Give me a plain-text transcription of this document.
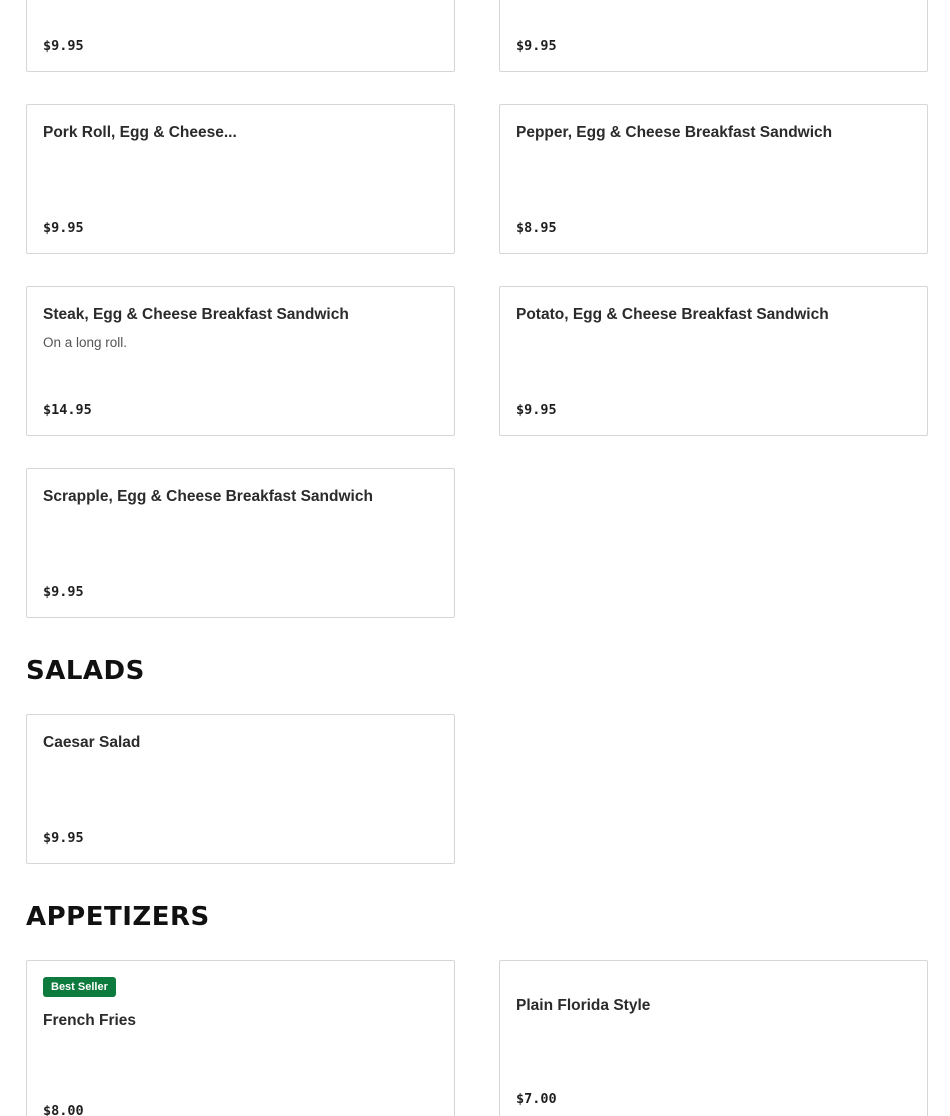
$9.95	$9.95
Pork Roll, Egg & Cheese...
$9.95
Pepper, Egg & Cheese Breakfast Sandwich
$8.95
Steak, Egg & Cheese Breakfast Sandwich
On a long roll.
$14.95
Potato, Egg & Cheese Breakfast Sandwich
$9.95
Scrapple, Egg & Cheese Breakfast Sandwich
$9.95
SALADS
Caesar Salad
$9.95
APPETIZERS
Best Seller
French Fries
$8.00
Plain Florida Style
$7.00
